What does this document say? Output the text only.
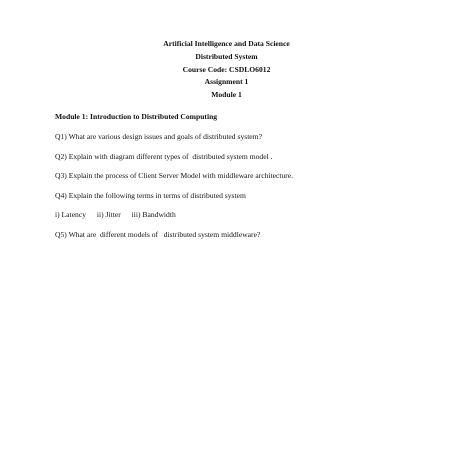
Artificial Intelligence and Data Science
Distributed System
Course Code: CSDLO6012
Assignment 1
Module 1
Module 1: Introduction to Distributed Computing
Q1) What are various design issues and goals of distributed system?
Q2) Explain with diagram different types of  distributed system model .
Q3) Explain the process of Client Server Model with middleware architecture.
Q4) Explain the following terms in terms of distributed system
i) Latency ii) Jitter iii) Bandwidth
Q5) What are  different models of   distributed system middleware?
